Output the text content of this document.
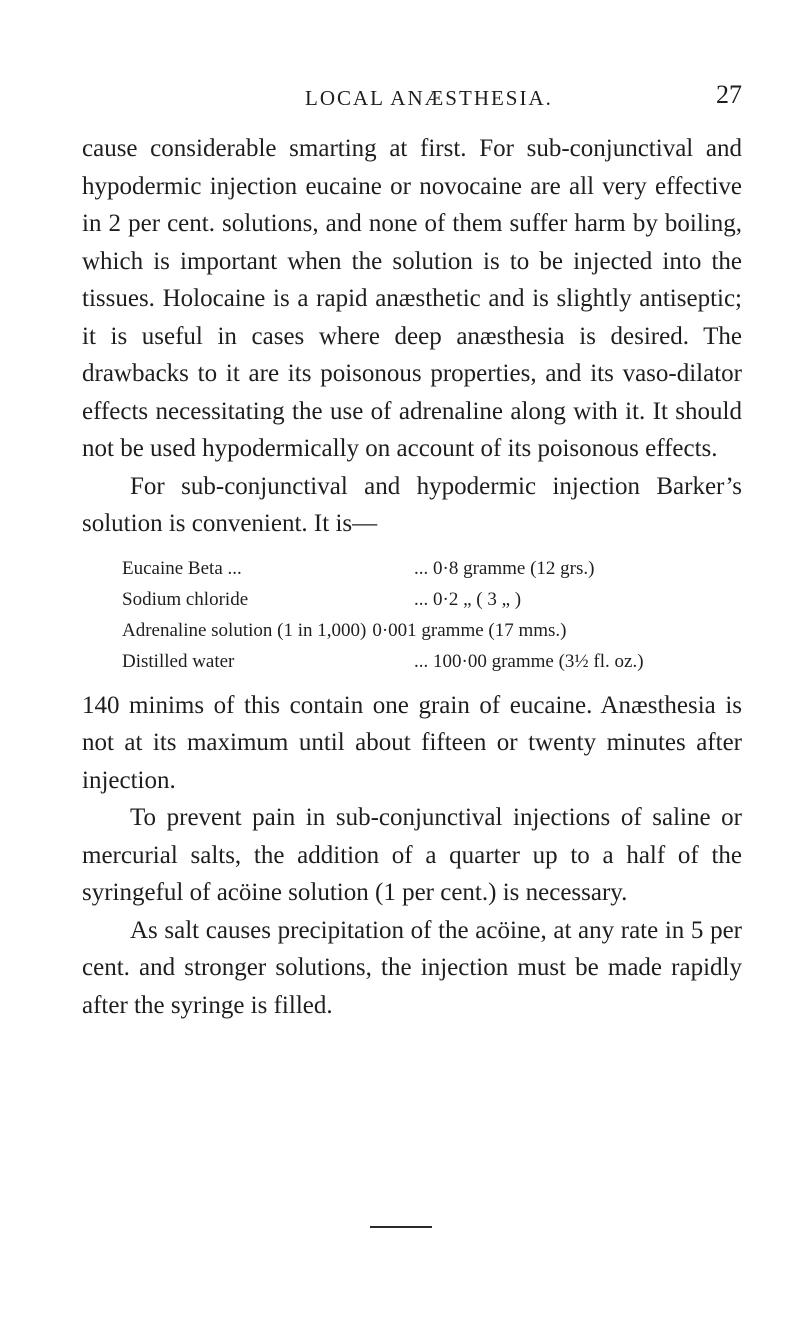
LOCAL ANÆSTHESIA.	27

cause considerable smarting at first. For sub-conjunctival and hypodermic injection eucaine or novocaine are all very effective in 2 per cent. solutions, and none of them suffer harm by boiling, which is important when the solution is to be injected into the tissues. Holocaine is a rapid anæsthetic and is slightly antiseptic; it is useful in cases where deep anæsthesia is desired. The drawbacks to it are its poisonous properties, and its vaso-dilator effects necessitating the use of adrenaline along with it. It should not be used hypodermically on account of its poisonous effects.

For sub-conjunctival and hypodermic injection Barker’s solution is convenient. It is—

Eucaine Beta ...	... 0·8 gramme (12 grs.)
Sodium chloride	... 0·2 „ ( 3 „ )
Adrenaline solution (1 in 1,000) 0·001 gramme (17 mms.)
Distilled water	... 100·00 gramme (3½ fl. oz.)

140 minims of this contain one grain of eucaine. Anæsthesia is not at its maximum until about fifteen or twenty minutes after injection.

To prevent pain in sub-conjunctival injections of saline or mercurial salts, the addition of a quarter up to a half of the syringeful of acöine solution (1 per cent.) is necessary.

As salt causes precipitation of the acöine, at any rate in 5 per cent. and stronger solutions, the injection must be made rapidly after the syringe is filled.
